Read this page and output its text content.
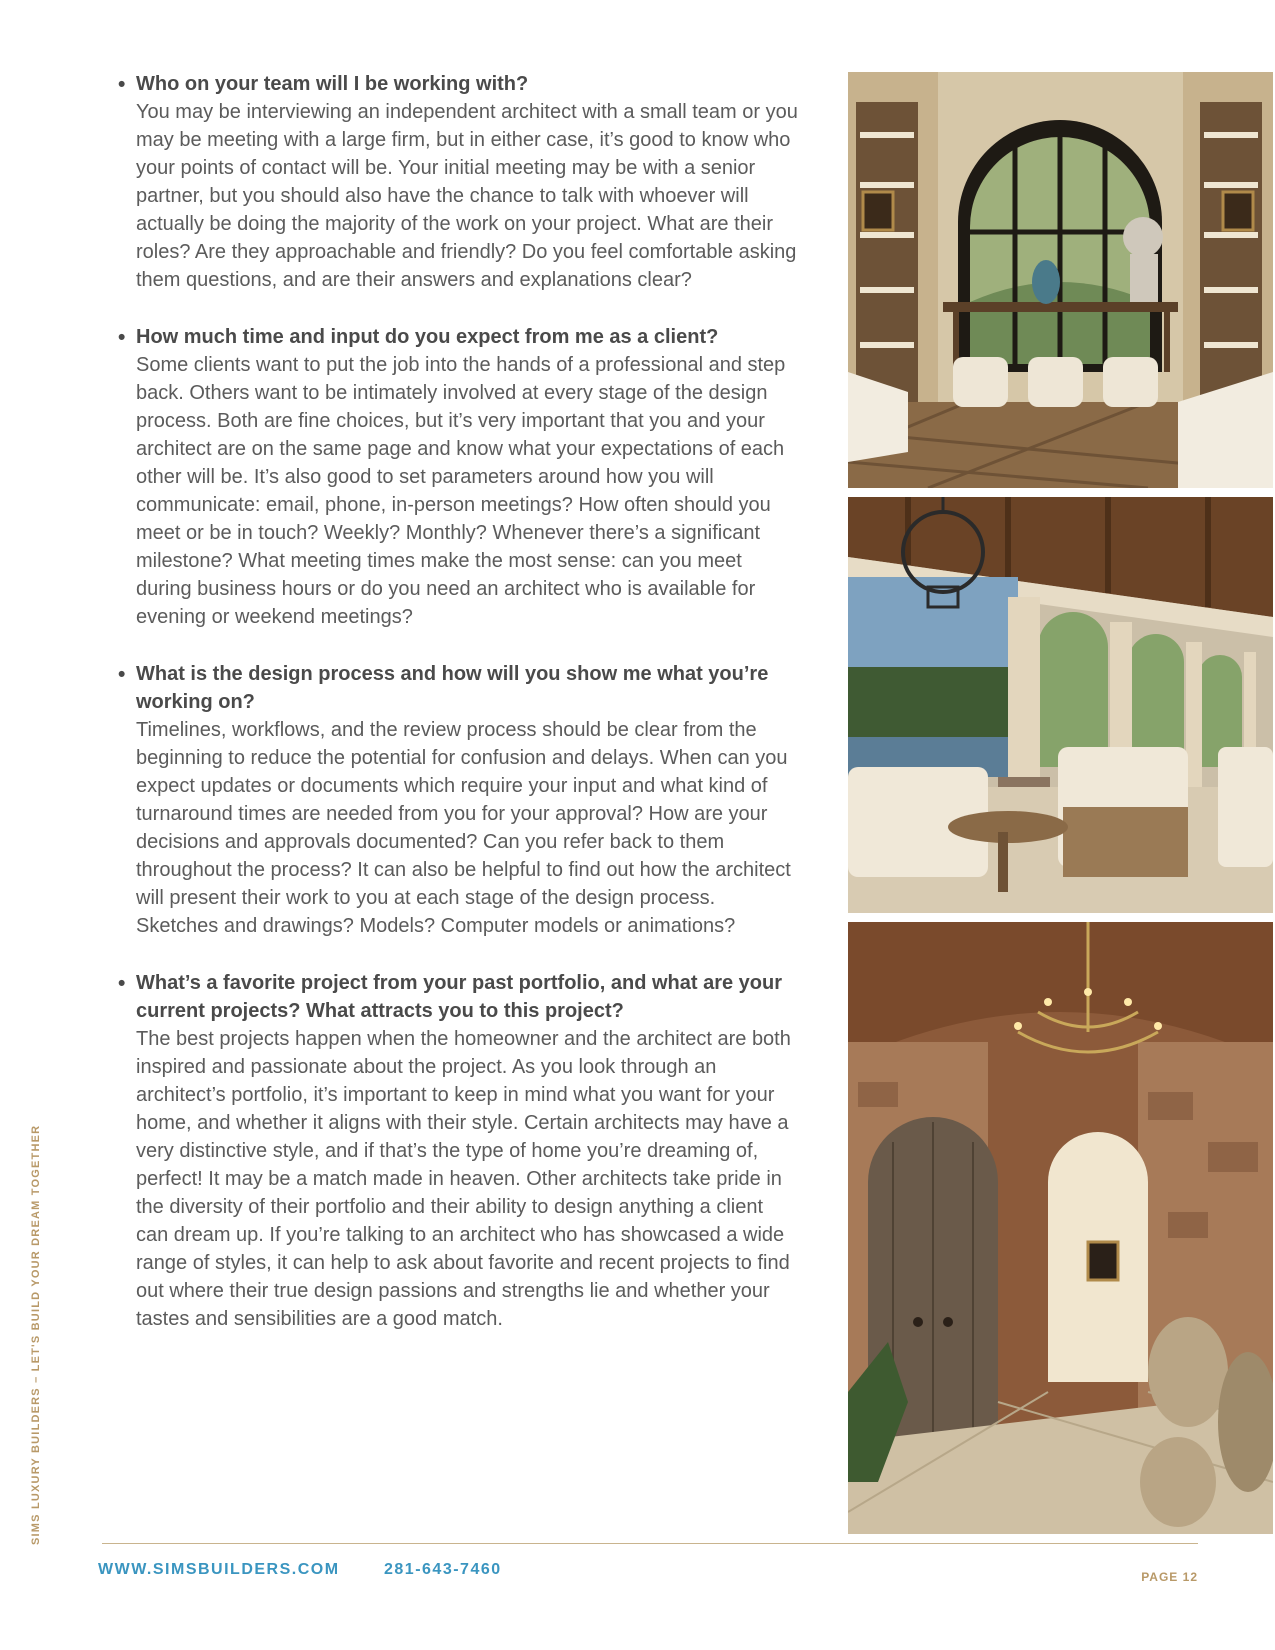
• Who on your team will I be working with?
You may be interviewing an independent architect with a small team or you may be meeting with a large firm, but in either case, it’s good to know who your points of contact will be. Your initial meeting may be with a senior partner, but you should also have the chance to talk with whoever will actually be doing the majority of the work on your project. What are their roles? Are they approachable and friendly? Do you feel comfortable asking them questions, and are their answers and explanations clear?
• How much time and input do you expect from me as a client?
Some clients want to put the job into the hands of a professional and step back. Others want to be intimately involved at every stage of the design process. Both are fine choices, but it’s very important that you and your architect are on the same page and know what your expectations of each other will be. It’s also good to set parameters around how you will communicate: email, phone, in-person meetings? How often should you meet or be in touch? Weekly? Monthly? Whenever there’s a significant milestone? What meeting times make the most sense: can you meet during business hours or do you need an architect who is available for evening or weekend meetings?
• What is the design process and how will you show me what you’re working on?
Timelines, workflows, and the review process should be clear from the beginning to reduce the potential for confusion and delays. When can you expect updates or documents which require your input and what kind of turnaround times are needed from you for your approval? How are your decisions and approvals documented? Can you refer back to them throughout the process? It can also be helpful to find out how the architect will present their work to you at each stage of the design process. Sketches and drawings? Models? Computer models or animations?
• What’s a favorite project from your past portfolio, and what are your current projects? What attracts you to this project?
The best projects happen when the homeowner and the architect are both inspired and passionate about the project. As you look through an architect’s portfolio, it’s important to keep in mind what you want for your home, and whether it aligns with their style. Certain architects may have a very distinctive style, and if that’s the type of home you’re dreaming of, perfect! It may be a match made in heaven. Other architects take pride in the diversity of their portfolio and their ability to design anything a client can dream up. If you’re talking to an architect who has showcased a wide range of styles, it can help to ask about favorite and recent projects to find out where their true design passions and strengths lie and whether your tastes and sensibilities are a good match.
SIMS LUXURY BUILDERS – LET'S BUILD YOUR DREAM TOGETHER
WWW.SIMSBUILDERS.COM	281-643-7460	PAGE 12
